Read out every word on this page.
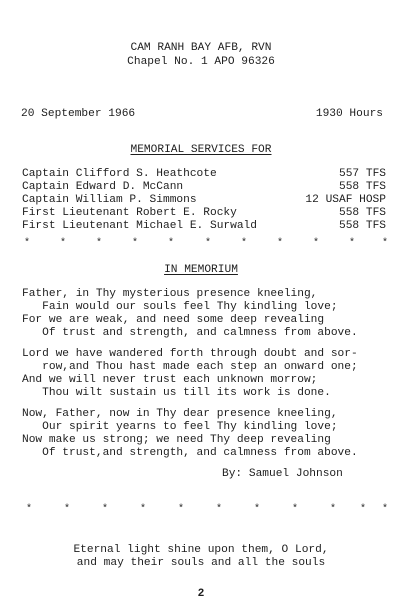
CAM RANH BAY AFB, RVN
Chapel No. 1 APO 96326
20 September 1966	1930 Hours
MEMORIAL SERVICES FOR
Captain Clifford S. Heathcote	557 TFS
Captain Edward D. McCann	558 TFS
Captain William P. Simmons	12 USAF HOSP
First Lieutenant Robert E. Rocky	558 TFS
First Lieutenant Michael E. Surwald	558 TFS
*	*	*	*	*	*	*	*	*	*	*
IN MEMORIUM
Father, in Thy mysterious presence kneeling,
Fain would our souls feel Thy kindling love;
For we are weak, and need some deep revealing
Of trust and strength, and calmness from above.
Lord we have wandered forth through doubt and sor-
row,and Thou hast made each step an onward one;
And we will never trust each unknown morrow;
Thou wilt sustain us till its work is done.
Now, Father, now in Thy dear presence kneeling,
Our spirit yearns to feel Thy kindling love;
Now make us strong; we need Thy deep revealing
Of trust,and strength, and calmness from above.
By: Samuel Johnson
*	*	*	*	*	*	*	*	* * *
Eternal light shine upon them, O Lord,
and may their souls and all the souls
2
